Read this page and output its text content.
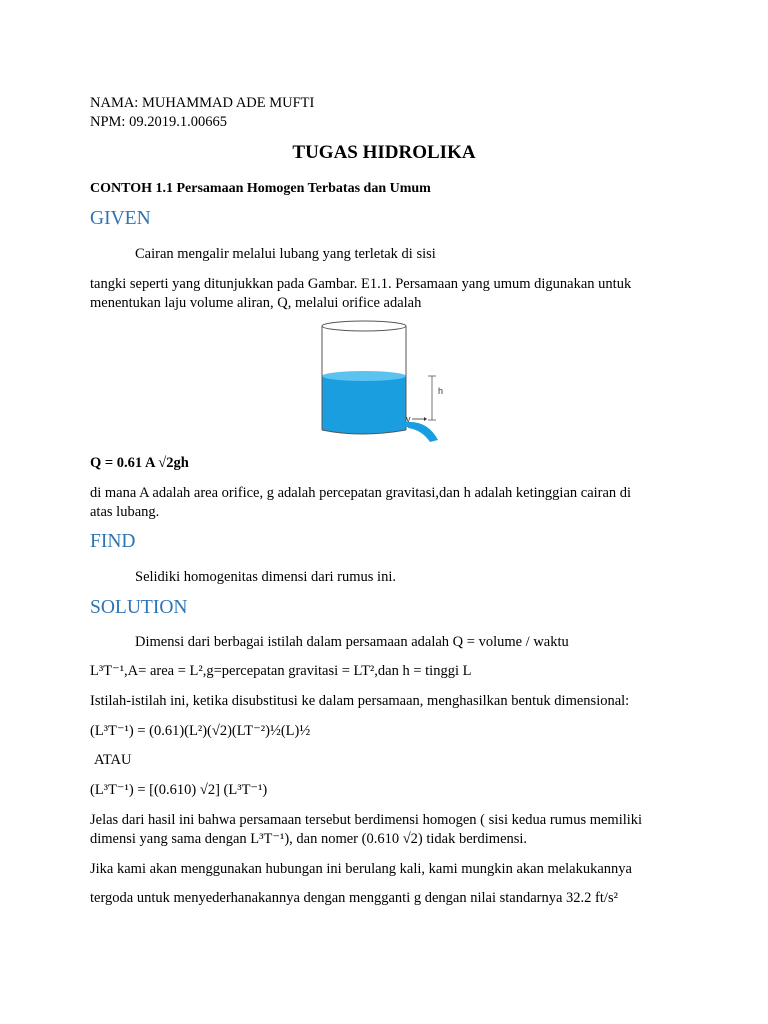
NAMA: MUHAMMAD ADE MUFTI
NPM: 09.2019.1.00665
TUGAS HIDROLIKA
CONTOH 1.1 Persamaan Homogen Terbatas dan Umum
GIVEN
Cairan mengalir melalui lubang yang terletak di sisi
tangki seperti yang ditunjukkan pada Gambar. E1.1. Persamaan yang umum digunakan untuk
menentukan laju volume aliran, Q, melalui orifice adalah
h
v
Q = 0.61 A √2gh
di mana A adalah area orifice, g adalah percepatan gravitasi,dan h adalah ketinggian cairan di
atas lubang.
FIND
Selidiki homogenitas dimensi dari rumus ini.
SOLUTION
Dimensi dari berbagai istilah dalam persamaan adalah Q = volume / waktu
L³T⁻¹,A= area = L²,g=percepatan gravitasi = LT²,dan h = tinggi L
Istilah-istilah ini, ketika disubstitusi ke dalam persamaan, menghasilkan bentuk dimensional:
(L³T⁻¹) = (0.61)(L²)(√2)(LT⁻²)½(L)½
ATAU
(L³T⁻¹) = [(0.610) √2] (L³T⁻¹)
Jelas dari hasil ini bahwa persamaan tersebut berdimensi homogen ( sisi kedua rumus memiliki
dimensi yang sama dengan L³T⁻¹), dan nomer (0.610 √2) tidak berdimensi.
Jika kami akan menggunakan hubungan ini berulang kali, kami mungkin akan melakukannya
tergoda untuk menyederhanakannya dengan mengganti g dengan nilai standarnya 32.2 ft/s²
